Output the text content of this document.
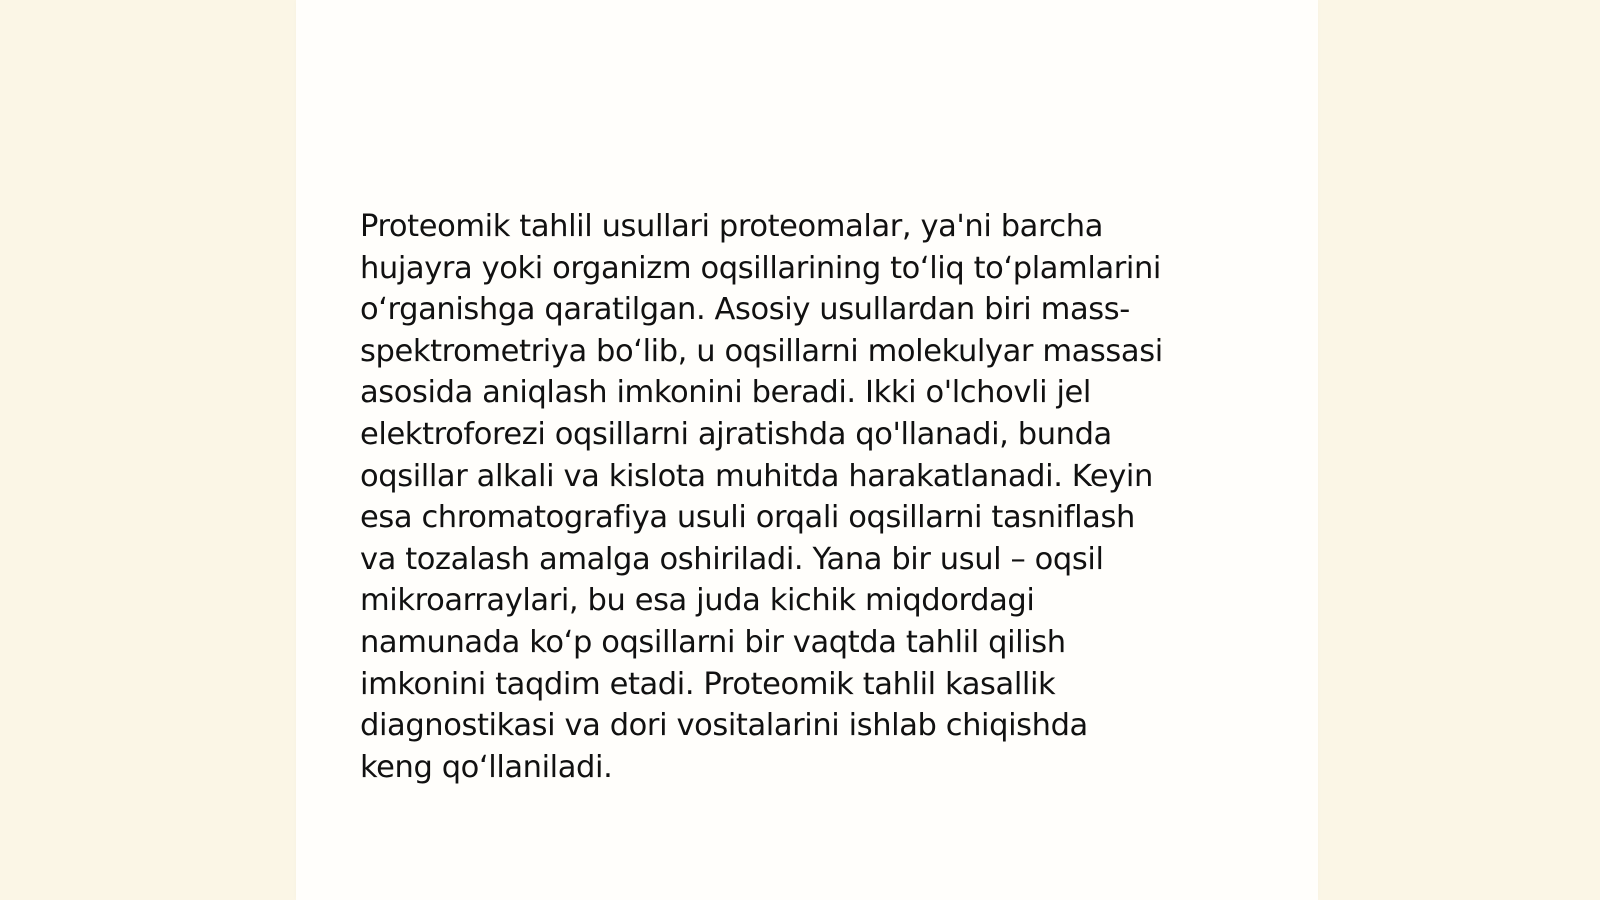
Proteomik tahlil usullari proteomalar, ya'ni barcha
hujayra yoki organizm oqsillarining to‘liq to‘plamlarini
o‘rganishga qaratilgan. Asosiy usullardan biri mass-
spektrometriya bo‘lib, u oqsillarni molekulyar massasi
asosida aniqlash imkonini beradi. Ikki o'lchovli jel
elektroforezi oqsillarni ajratishda qo'llanadi, bunda
oqsillar alkali va kislota muhitda harakatlanadi. Keyin
esa chromatografiya usuli orqali oqsillarni tasniflash
va tozalash amalga oshiriladi. Yana bir usul – oqsil
mikroarraylari, bu esa juda kichik miqdordagi
namunada ko‘p oqsillarni bir vaqtda tahlil qilish
imkonini taqdim etadi. Proteomik tahlil kasallik
diagnostikasi va dori vositalarini ishlab chiqishda
keng qo‘llaniladi.
